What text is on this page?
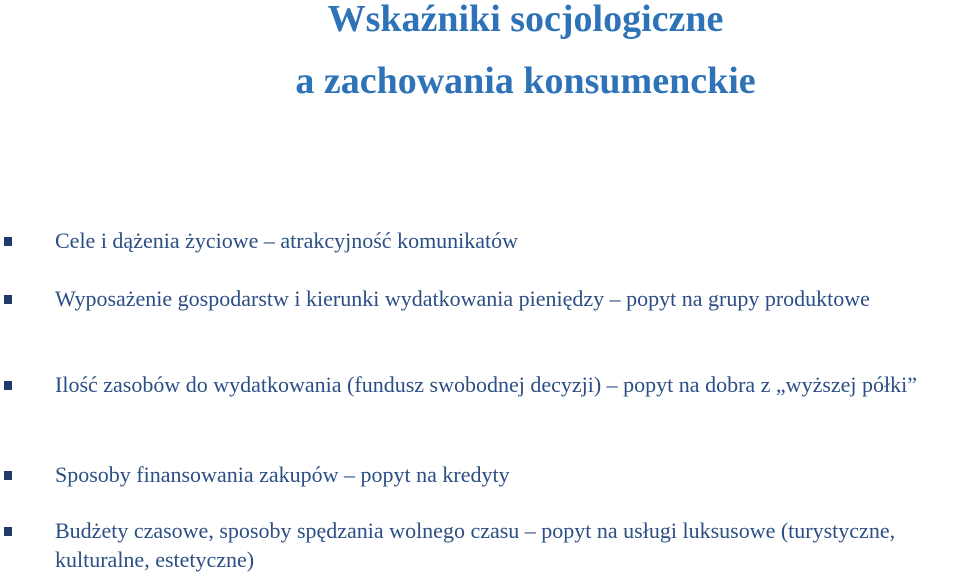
Wskaźniki socjologiczne
a zachowania konsumenckie
Cele i dążenia życiowe – atrakcyjność komunikatów
Wyposażenie gospodarstw i kierunki wydatkowania pieniędzy – popyt na grupy produktowe
Ilość zasobów do wydatkowania (fundusz swobodnej decyzji) – popyt na dobra z „wyższej półki”
Sposoby finansowania zakupów – popyt na kredyty
Budżety czasowe, sposoby spędzania wolnego czasu – popyt na usługi luksusowe (turystyczne, kulturalne, estetyczne)
